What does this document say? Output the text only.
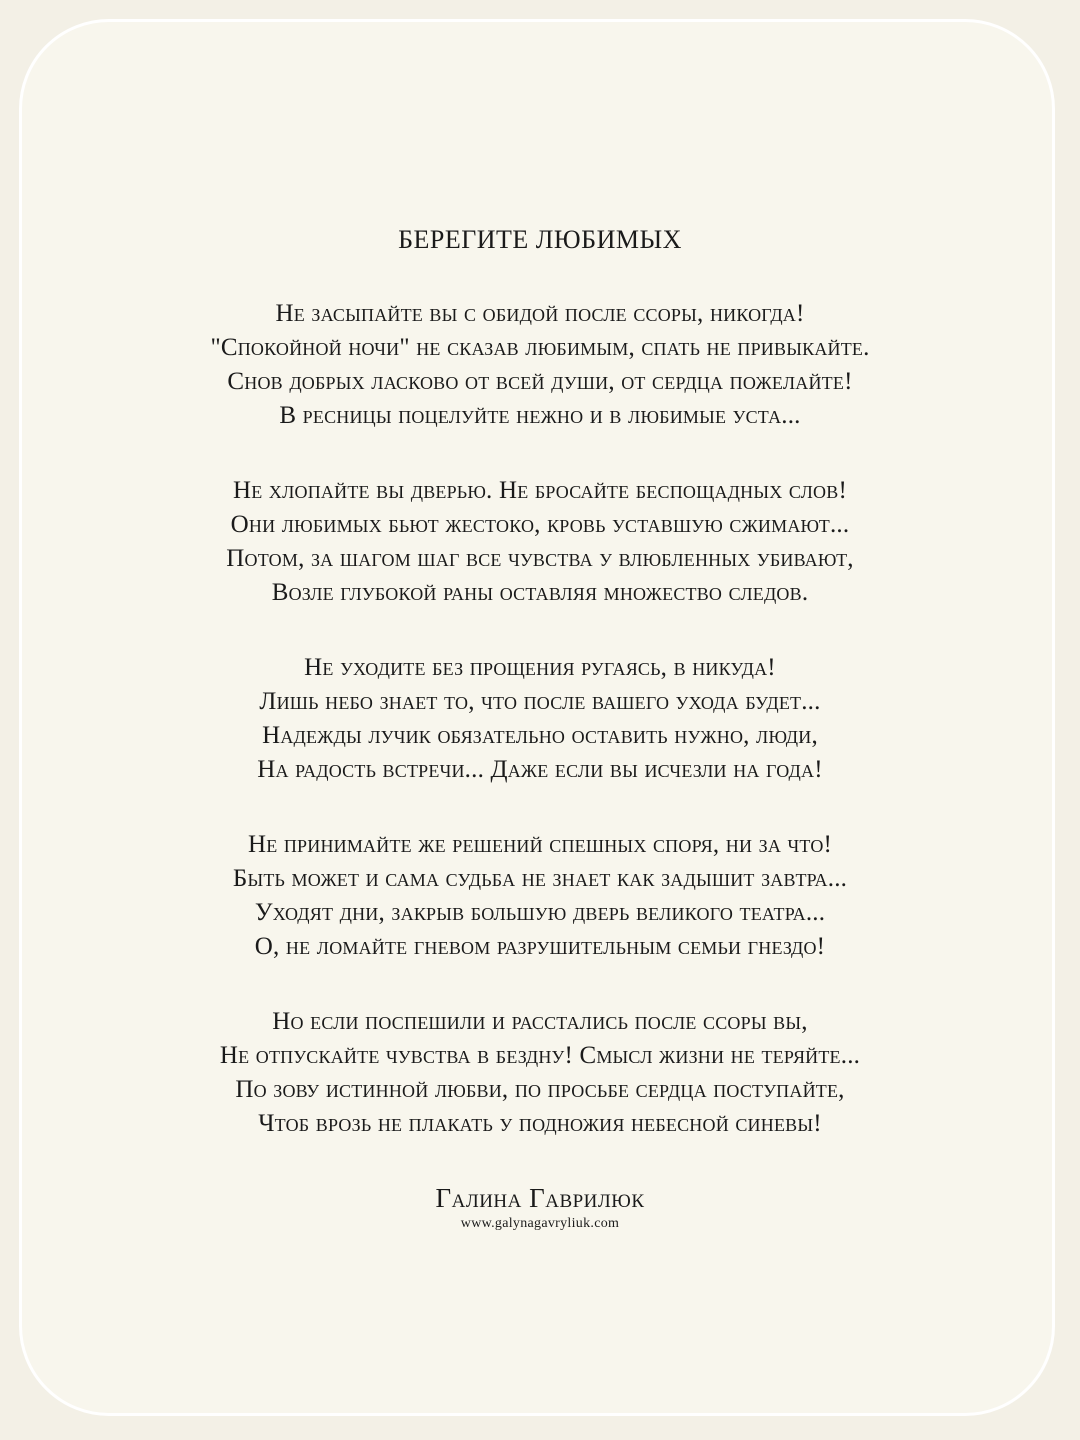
БЕРЕГИТЕ ЛЮБИМЫХ
Не засыпайте вы с обидой после ссоры, никогда!
"Спокойной ночи" не сказав любимым, спать не привыкайте.
Снов добрых ласково от всей души, от сердца пожелайте!
В ресницы поцелуйте нежно и в любимые уста...
Не хлопайте вы дверью. Не бросайте беспощадных слов!
Они любимых бьют жестоко, кровь уставшую сжимают...
Потом, за шагом шаг все чувства у влюбленных убивают,
Возле глубокой раны оставляя множество следов.
Не уходите без прощения ругаясь, в никуда!
Лишь небо знает то, что после вашего ухода будет...
Надежды лучик обязательно оставить нужно, люди,
На радость встречи... Даже если вы исчезли на года!
Не принимайте же решений спешных споря, ни за что!
Быть может и сама судьба не знает как задышит завтра...
Уходят дни, закрыв большую дверь великого театра...
О, не ломайте гневом разрушительным семьи гнездо!
Но если поспешили и расстались после ссоры вы,
Не отпускайте чувства в бездну! Смысл жизни не теряйте...
По зову истинной любви, по просьбе сердца поступайте,
Чтоб врозь не плакать у подножия небесной синевы!
Галина Гаврилюк
www.galynagavryliuk.com
